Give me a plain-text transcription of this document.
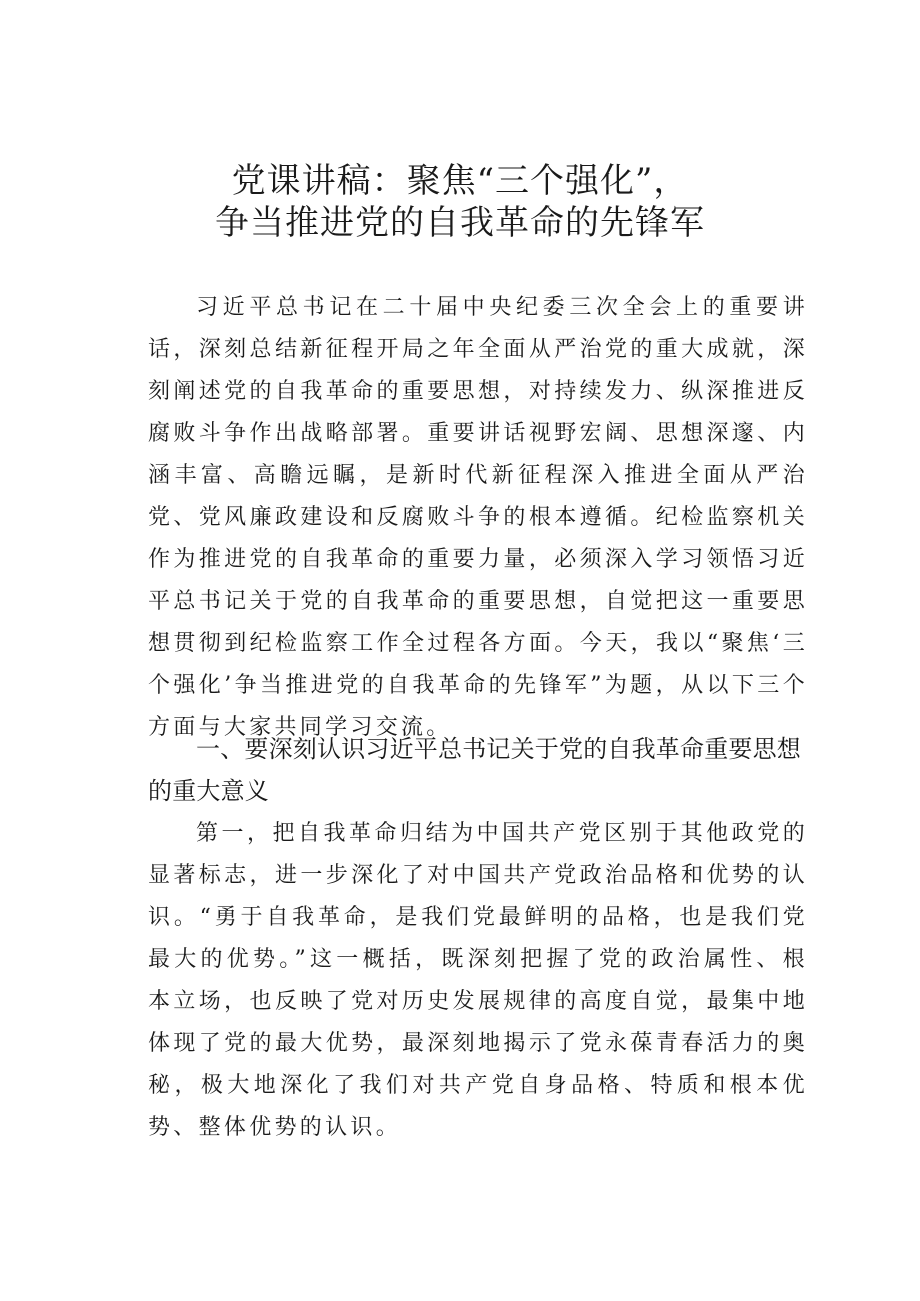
党课讲稿：聚焦“三个强化”，
争当推进党的自我革命的先锋军
习近平总书记在二十届中央纪委三次全会上的重要讲话，深刻总结新征程开局之年全面从严治党的重大成就，深刻阐述党的自我革命的重要思想，对持续发力、纵深推进反腐败斗争作出战略部署。重要讲话视野宏阔、思想深邃、内涵丰富、高瞻远瞩，是新时代新征程深入推进全面从严治党、党风廉政建设和反腐败斗争的根本遵循。纪检监察机关作为推进党的自我革命的重要力量，必须深入学习领悟习近平总书记关于党的自我革命的重要思想，自觉把这一重要思想贯彻到纪检监察工作全过程各方面。今天，我以“聚焦‘三个强化’争当推进党的自我革命的先锋军”为题，从以下三个方面与大家共同学习交流。
一、要深刻认识习近平总书记关于党的自我革命重要思想的重大意义
第一，把自我革命归结为中国共产党区别于其他政党的显著标志，进一步深化了对中国共产党政治品格和优势的认识。“勇于自我革命，是我们党最鲜明的品格，也是我们党最大的优势。”这一概括，既深刻把握了党的政治属性、根本立场，也反映了党对历史发展规律的高度自觉，最集中地体现了党的最大优势，最深刻地揭示了党永葆青春活力的奥秘，极大地深化了我们对共产党自身品格、特质和根本优势、整体优势的认识。
